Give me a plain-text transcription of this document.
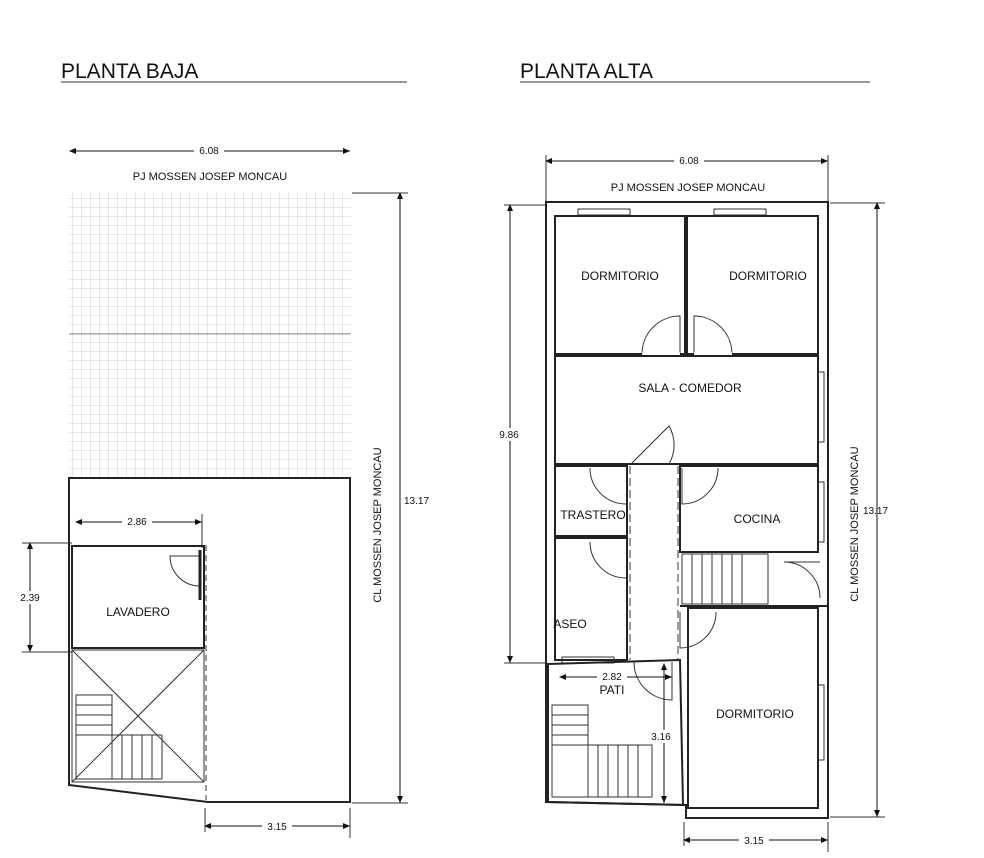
PLANTA BAJA
6.08
PJ MOSSEN JOSEP MONCAU
LAVADERO
2.86
2.39
13.17
CL MOSSEN JOSEP MONCAU
3.15
PLANTA ALTA
6.08
PJ MOSSEN JOSEP MONCAU
DORMITORIO	DORMITORIO
SALA - COMEDOR
TRASTERO
ASEO
COCINA
DORMITORIO
PATI
2.82
3.16
9.86
13.17
CL MOSSEN JOSEP MONCAU
3.15
